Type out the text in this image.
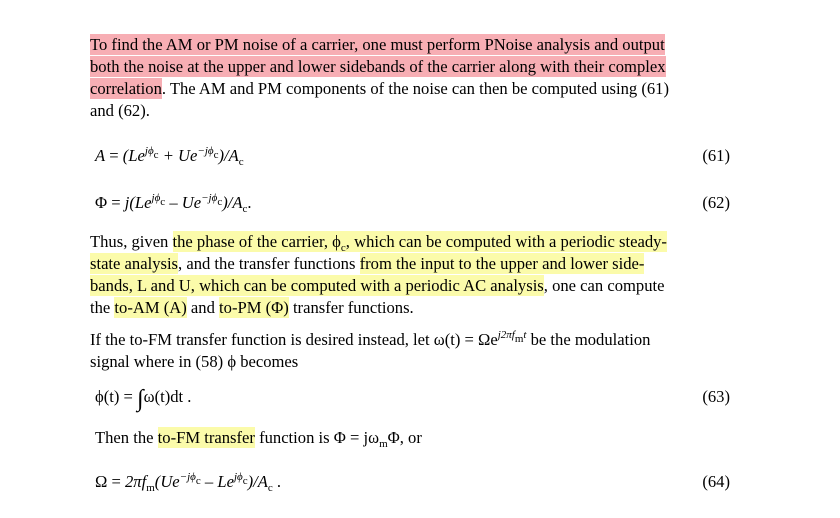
To find the AM or PM noise of a carrier, one must perform PNoise analysis and output
both the noise at the upper and lower sidebands of the carrier along with their complex
correlation. The AM and PM components of the noise can then be computed using (61)
and (62).
$A = (Le^{j\phi_c} + Ue^{-j\phi_c})/A_c$	(61)
$\Phi = j(Le^{j\phi_c} - Ue^{-j\phi_c})/A_c$.	(62)
Thus, given the phase of the carrier, $\phi_c$, which can be computed with a periodic steady-
state analysis, and the transfer functions from the input to the upper and lower side-
bands, L and U, which can be computed with a periodic AC analysis, one can compute
the to-AM (A) and to-PM (Φ) transfer functions.
If the to-FM transfer function is desired instead, let $\omega(t) = \Omega e^{j2\pi f_mt}$ be the modulation
signal where in (58) ϕ becomes
ϕ(t) = ∫ω(t)dt .	(63)
Then the to-FM transfer function is $\Phi = j\omega_m\Phi$, or
$\Omega = 2\pi f_m(Ue^{-j\phi_c} - Le^{j\phi_c})/A_c$ .	(64)
